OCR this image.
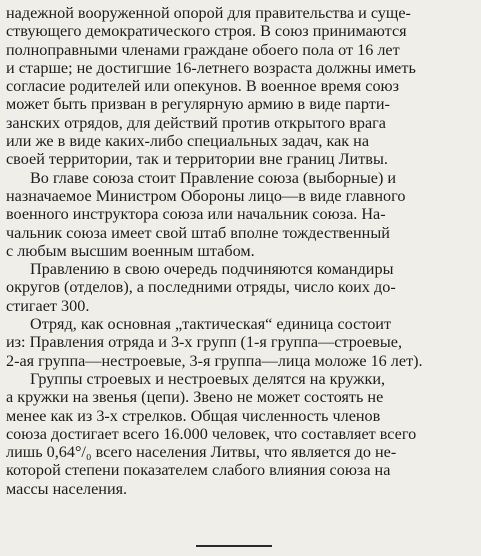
надежной вооруженной опорой для правительства и суще-
ствующего демократического строя. В союз принимаются
полноправными членами граждане обоего пола от 16 лет
и старше; не достигшие 16-летнего возраста должны иметь
согласие родителей или опекунов. В военное время союз
может быть призван в регулярную армию в виде парти-
занских отрядов, для действий против открытого врага
или же в виде каких-либо специальных задач, как на
своей территории, так и территории вне границ Литвы.
Во главе союза стоит Правление союза (выборные) и
назначаемое Министром Обороны лицо—в виде главного
военного инструктора союза или начальник союза. На-
чальник союза имеет свой штаб вполне тождественный
с любым высшим военным штабом.
Правлению в свою очередь подчиняются командиры
округов (отделов), а последними отряды, число коих до-
стигает 300.
Отряд, как основная „тактическая“ единица состоит
из: Правления отряда и 3-х групп (1-я группа—строевые,
2-ая группа—нестроевые, 3-я группа—лица моложе 16 лет).
Группы строевых и нестроевых делятся на кружки,
а кружки на звенья (цепи). Звено не может состоять не
менее как из 3-х стрелков. Общая численность членов
союза достигает всего 16.000 человек, что составляет всего
лишь 0,64°/₀ всего населения Литвы, что является до не-
которой степени показателем слабого влияния союза на
массы населения.
